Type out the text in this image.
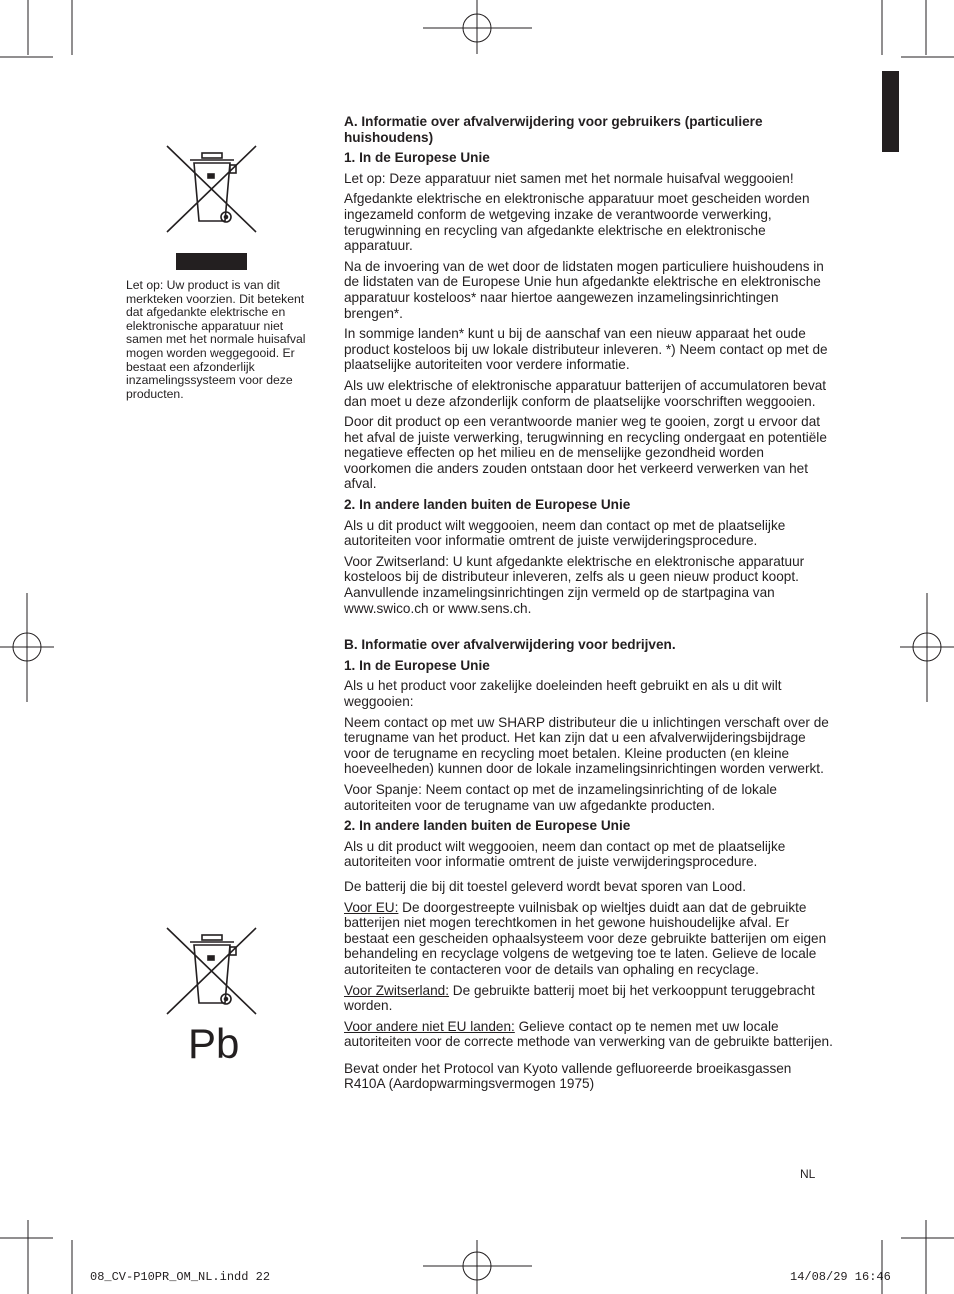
Let op: Uw product is van dit merkteken voorzien. Dit betekent dat afgedankte elektrische en elektronische apparatuur niet samen met het normale huisafval mogen worden weggegooid. Er bestaat een afzonderlijk inzamelingssysteem voor deze producten.
Pb

A. Informatie over afvalverwijdering voor gebruikers (particuliere huishoudens)

1. In de Europese Unie

Let op: Deze apparatuur niet samen met het normale huisafval weggooien!

Afgedankte elektrische en elektronische apparatuur moet gescheiden worden ingezameld conform de wetgeving inzake de verantwoorde verwerking, terugwinning en recycling van afgedankte elektrische en elektronische apparatuur.

Na de invoering van de wet door de lidstaten mogen particuliere huishoudens in de lidstaten van de Europese Unie hun afgedankte elektrische en elektronische apparatuur kosteloos* naar hiertoe aangewezen inzamelingsinrichtingen brengen*.

In sommige landen* kunt u bij de aanschaf van een nieuw apparaat het oude product kosteloos bij uw lokale distributeur inleveren. *) Neem contact op met de plaatselijke autoriteiten voor verdere informatie.

Als uw elektrische of elektronische apparatuur batterijen of accumulatoren bevat dan moet u deze afzonderlijk conform de plaatselijke voorschriften weggooien.

Door dit product op een verantwoorde manier weg te gooien, zorgt u ervoor dat het afval de juiste verwerking, terugwinning en recycling ondergaat en potentiële negatieve effecten op het milieu en de menselijke gezondheid worden voorkomen die anders zouden ontstaan door het verkeerd verwerken van het afval.

2. In andere landen buiten de Europese Unie

Als u dit product wilt weggooien, neem dan contact op met de plaatselijke autoriteiten voor informatie omtrent de juiste verwijderingsprocedure.

Voor Zwitserland: U kunt afgedankte elektrische en elektronische apparatuur kosteloos bij de distributeur inleveren, zelfs als u geen nieuw product koopt. Aanvullende inzamelingsinrichtingen zijn vermeld op de startpagina van www.swico.ch or www.sens.ch.

B. Informatie over afvalverwijdering voor bedrijven.

1. In de Europese Unie

Als u het product voor zakelijke doeleinden heeft gebruikt en als u dit wilt weggooien:

Neem contact op met uw SHARP distributeur die u inlichtingen verschaft over de terugname van het product. Het kan zijn dat u een afvalverwijderingsbijdrage voor de terugname en recycling moet betalen. Kleine producten (en kleine hoeveelheden) kunnen door de lokale inzamelingsinrichtingen worden verwerkt.

Voor Spanje: Neem contact op met de inzamelingsinrichting of de lokale autoriteiten voor de terugname van uw afgedankte producten.

2. In andere landen buiten de Europese Unie

Als u dit product wilt weggooien, neem dan contact op met de plaatselijke autoriteiten voor informatie omtrent de juiste verwijderingsprocedure.

De batterij die bij dit toestel geleverd wordt bevat sporen van Lood.

Voor EU: De doorgestreepte vuilnisbak op wieltjes duidt aan dat de gebruikte batterijen niet mogen terechtkomen in het gewone huishoudelijke afval. Er bestaat een gescheiden ophaalsysteem voor deze gebruikte batterijen om eigen behandeling en recyclage volgens de wetgeving toe te laten. Gelieve de locale autoriteiten te contacteren voor de details van ophaling en recyclage.

Voor Zwitserland: De gebruikte batterij moet bij het verkooppunt teruggebracht worden.

Voor andere niet EU landen: Gelieve contact op te nemen met uw locale autoriteiten voor de correcte methode van verwerking van de gebruikte batterijen.

Bevat onder het Protocol van Kyoto vallende gefluoreerde broeikasgassen R410A (Aardopwarmingsvermogen 1975)

NL
08_CV-P10PR_OM_NL.indd 22	14/08/29 16:46
